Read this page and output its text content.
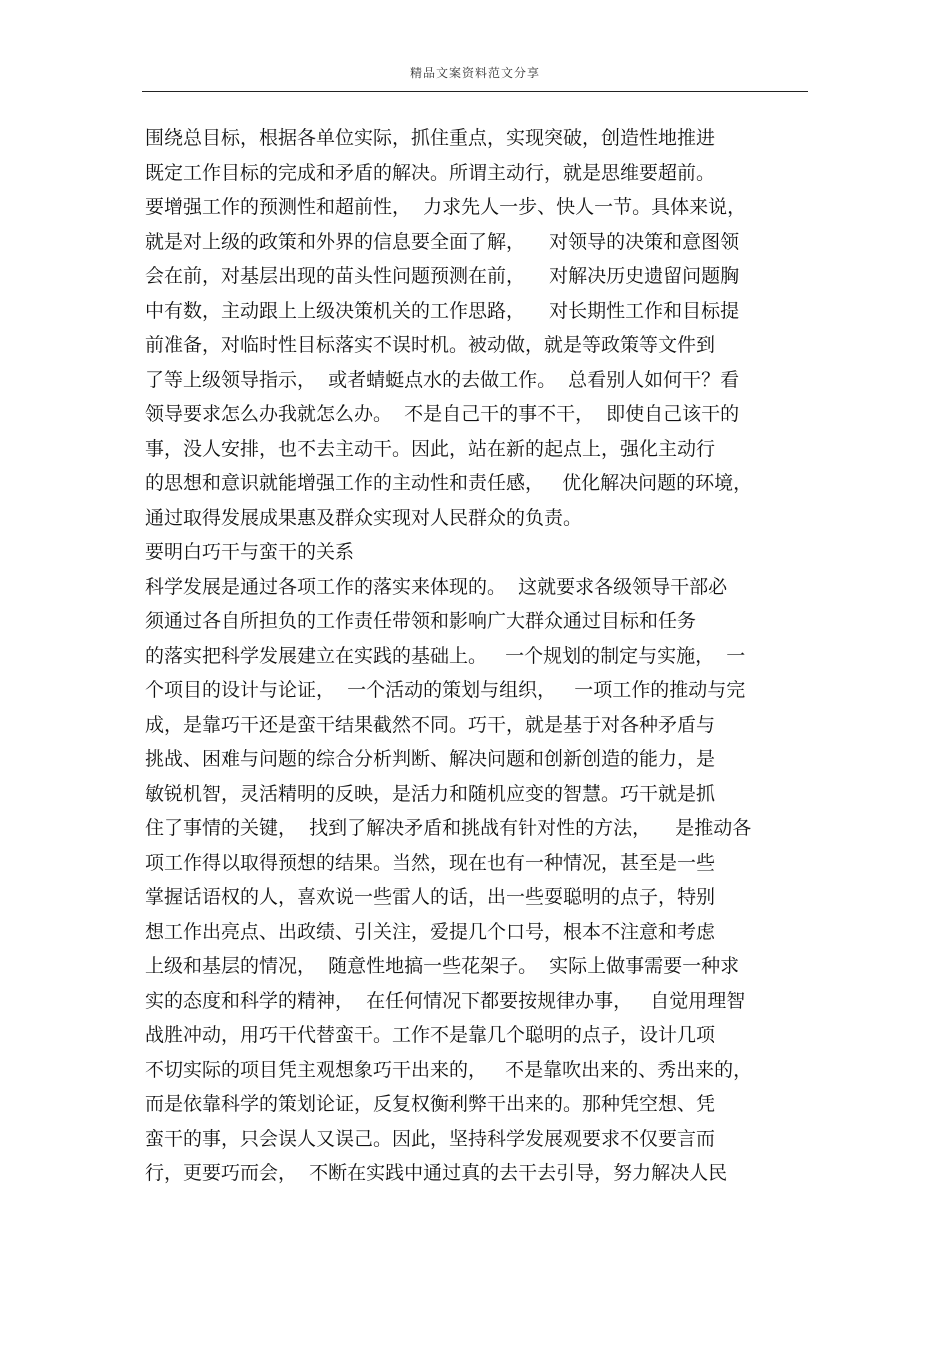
精品文案资料范文分享
围绕总目标，根据各单位实际，抓住重点，实现突破，创造性地推进
既定工作目标的完成和矛盾的解决。所谓主动行，就是思维要超前。
要增强工作的预测性和超前性，  力求先人一步、快人一节。具体来说，
就是对上级的政策和外界的信息要全面了解，    对领导的决策和意图领
会在前，对基层出现的苗头性问题预测在前，    对解决历史遗留问题胸
中有数，主动跟上上级决策机关的工作思路，    对长期性工作和目标提
前准备，对临时性目标落实不误时机。被动做，就是等政策等文件到
了等上级领导指示，  或者蜻蜓点水的去做工作。  总看别人如何干？看
领导要求怎么办我就怎么办。  不是自己干的事不干，  即使自己该干的
事，没人安排，也不去主动干。因此，站在新的起点上，强化主动行
的思想和意识就能增强工作的主动性和责任感，   优化解决问题的环境，
通过取得发展成果惠及群众实现对人民群众的负责。
要明白巧干与蛮干的关系
科学发展是通过各项工作的落实来体现的。  这就要求各级领导干部必
须通过各自所担负的工作责任带领和影响广大群众通过目标和任务
的落实把科学发展建立在实践的基础上。   一个规划的制定与实施，  一
个项目的设计与论证，  一个活动的策划与组织，   一项工作的推动与完
成，是靠巧干还是蛮干结果截然不同。巧干，就是基于对各种矛盾与
挑战、困难与问题的综合分析判断、解决问题和创新创造的能力，是
敏锐机智，灵活精明的反映，是活力和随机应变的智慧。巧干就是抓
住了事情的关键，  找到了解决矛盾和挑战有针对性的方法，    是推动各
项工作得以取得预想的结果。当然，现在也有一种情况，甚至是一些
掌握话语权的人，喜欢说一些雷人的话，出一些耍聪明的点子，特别
想工作出亮点、出政绩、引关注，爱提几个口号，根本不注意和考虑
上级和基层的情况，  随意性地搞一些花架子。  实际上做事需要一种求
实的态度和科学的精神，  在任何情况下都要按规律办事，   自觉用理智
战胜冲动，用巧干代替蛮干。工作不是靠几个聪明的点子，设计几项
不切实际的项目凭主观想象巧干出来的，   不是靠吹出来的、秀出来的，
而是依靠科学的策划论证，反复权衡利弊干出来的。那种凭空想、凭
蛮干的事，只会误人又误己。因此，坚持科学发展观要求不仅要言而
行，更要巧而会，  不断在实践中通过真的去干去引导，努力解决人民
